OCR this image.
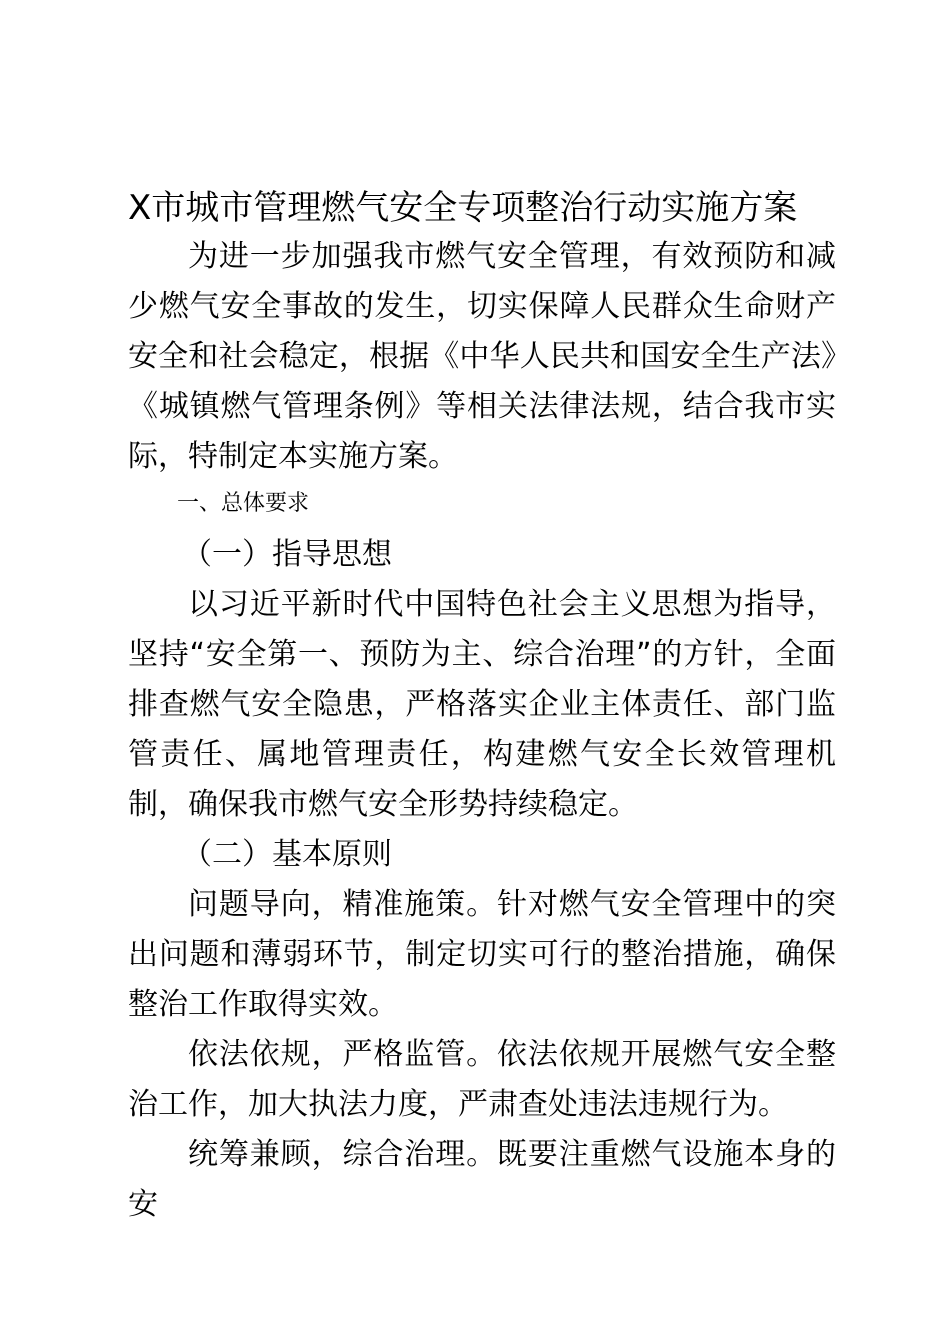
X市城市管理燃气安全专项整治行动实施方案

为进一步加强我市燃气安全管理，有效预防和减少燃气安全事故的发生，切实保障人民群众生命财产安全和社会稳定，根据《中华人民共和国安全生产法》《城镇燃气管理条例》等相关法律法规，结合我市实际，特制定本实施方案。

一、总体要求
（一）指导思想

以习近平新时代中国特色社会主义思想为指导，坚持“安全第一、预防为主、综合治理”的方针，全面排查燃气安全隐患，严格落实企业主体责任、部门监管责任、属地管理责任，构建燃气安全长效管理机制，确保我市燃气安全形势持续稳定。

（二）基本原则

问题导向，精准施策。针对燃气安全管理中的突出问题和薄弱环节，制定切实可行的整治措施，确保整治工作取得实效。

依法依规，严格监管。依法依规开展燃气安全整治工作，加大执法力度，严肃查处违法违规行为。

统筹兼顾，综合治理。既要注重燃气设施本身的安
